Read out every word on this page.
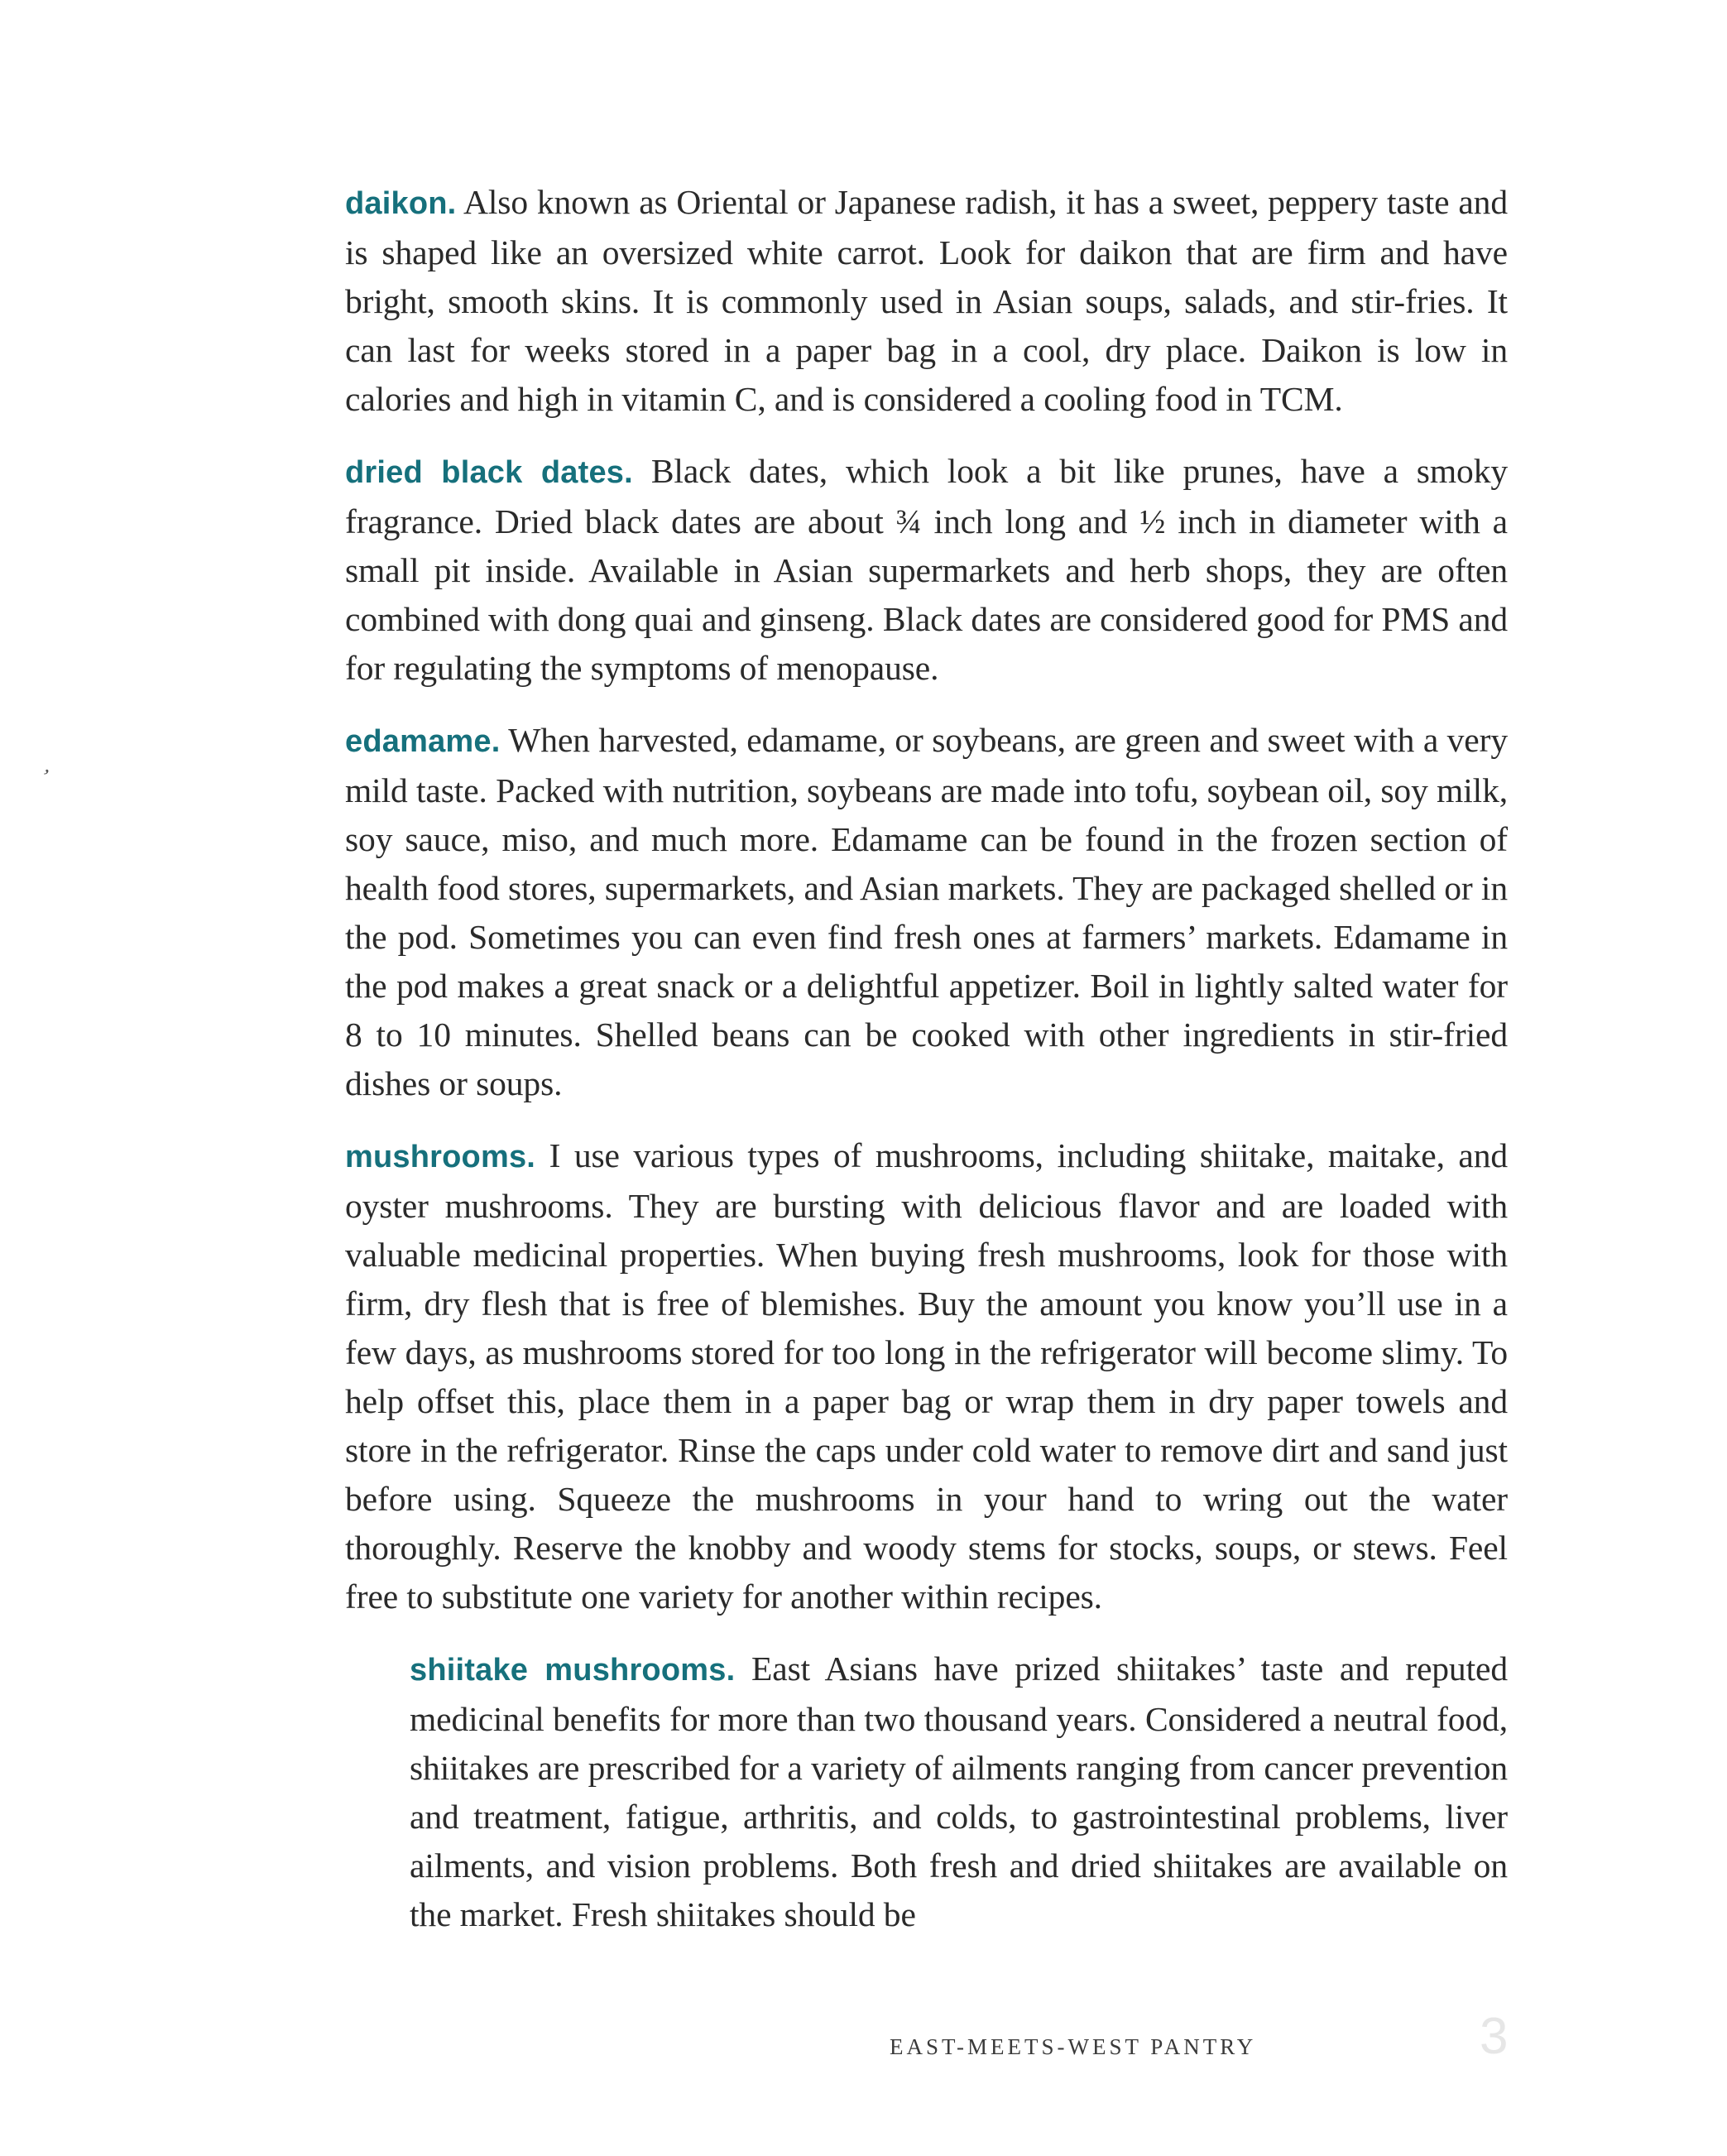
,

daikon. Also known as Oriental or Japanese radish, it has a sweet, peppery taste and is shaped like an oversized white carrot. Look for daikon that are firm and have bright, smooth skins. It is commonly used in Asian soups, salads, and stir-fries. It can last for weeks stored in a paper bag in a cool, dry place. Daikon is low in calories and high in vitamin C, and is considered a cooling food in TCM.

dried black dates. Black dates, which look a bit like prunes, have a smoky fragrance. Dried black dates are about ¾ inch long and ½ inch in diameter with a small pit inside. Available in Asian supermarkets and herb shops, they are often combined with dong quai and ginseng. Black dates are considered good for PMS and for regulating the symptoms of menopause.

edamame. When harvested, edamame, or soybeans, are green and sweet with a very mild taste. Packed with nutrition, soybeans are made into tofu, soybean oil, soy milk, soy sauce, miso, and much more. Edamame can be found in the frozen section of health food stores, supermarkets, and Asian markets. They are packaged shelled or in the pod. Sometimes you can even find fresh ones at farmers’ markets. Edamame in the pod makes a great snack or a delightful appetizer. Boil in lightly salted water for 8 to 10 minutes. Shelled beans can be cooked with other ingredients in stir-fried dishes or soups.

mushrooms. I use various types of mushrooms, including shiitake, maitake, and oyster mushrooms. They are bursting with delicious flavor and are loaded with valuable medicinal properties. When buying fresh mushrooms, look for those with firm, dry flesh that is free of blemishes. Buy the amount you know you’ll use in a few days, as mushrooms stored for too long in the refrigerator will become slimy. To help offset this, place them in a paper bag or wrap them in dry paper towels and store in the refrigerator. Rinse the caps under cold water to remove dirt and sand just before using. Squeeze the mushrooms in your hand to wring out the water thoroughly. Reserve the knobby and woody stems for stocks, soups, or stews. Feel free to substitute one variety for another within recipes.

shiitake mushrooms. East Asians have prized shiitakes’ taste and reputed medicinal benefits for more than two thousand years. Considered a neutral food, shiitakes are prescribed for a variety of ailments ranging from cancer prevention and treatment, fatigue, arthritis, and colds, to gastrointestinal problems, liver ailments, and vision problems. Both fresh and dried shiitakes are available on the market. Fresh shiitakes should be

EAST-MEETS-WEST PANTRY	3
